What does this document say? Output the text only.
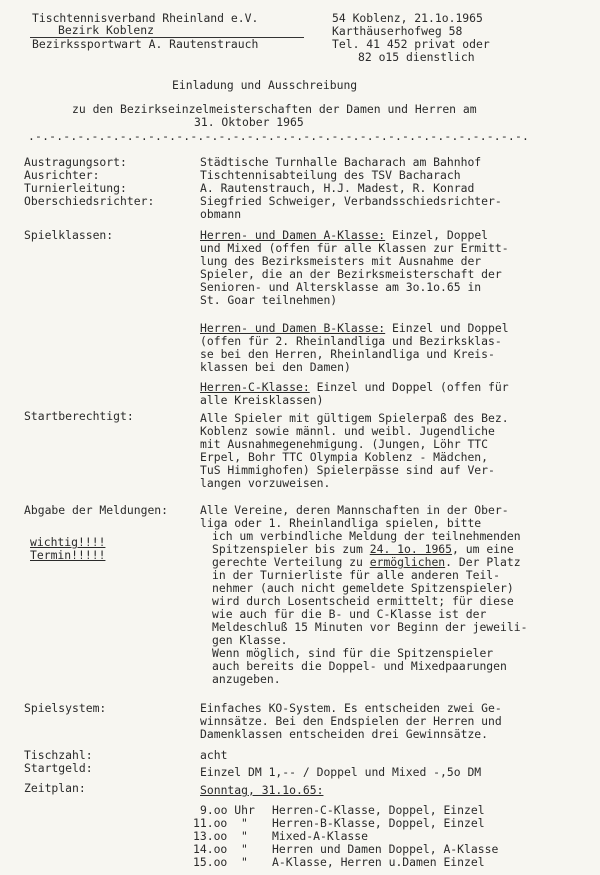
Tischtennisverband Rheinland e.V.
Bezirk Koblenz
Bezirkssportwart A. Rautenstrauch
54 Koblenz, 21.1o.1965
Karthäuserhofweg 58
Tel. 41 452 privat oder
82 o15 dienstlich
Einladung und Ausschreibung
zu den Bezirkseinzelmeisterschaften der Damen und Herren am
31. Oktober 1965
.-.-.-.-.-.-.-.-.-.-.-.-.-.-.-.-.-.-.-.-.-.-.-.-.-.-.-.-.-.-.-.-.-.-.-.
Austragungsort:	Städtische Turnhalle Bacharach am Bahnhof
Ausrichter:	Tischtennisabteilung des TSV Bacharach
Turnierleitung:	A. Rautenstrauch, H.J. Madest, R. Konrad
Oberschiedsrichter:	Siegfried Schweiger, Verbandsschiedsrichter-
obmann
Spielklassen:	Herren- und Damen A-Klasse: Einzel, Doppel
und Mixed (offen für alle Klassen zur Ermitt-
lung des Bezirksmeisters mit Ausnahme der
Spieler, die an der Bezirksmeisterschaft der
Senioren- und Altersklasse am 3o.1o.65 in
St. Goar teilnehmen)
Herren- und Damen B-Klasse: Einzel und Doppel
(offen für 2. Rheinlandliga und Bezirksklas-
se bei den Herren, Rheinlandliga und Kreis-
klassen bei den Damen)
Herren-C-Klasse: Einzel und Doppel (offen für
alle Kreisklassen)
Startberechtigt:	Alle Spieler mit gültigem Spielerpaß des Bez.
Koblenz sowie männl. und weibl. Jugendliche
mit Ausnahmegenehmigung. (Jungen, Löhr TTC
Erpel, Bohr TTC Olympia Koblenz - Mädchen,
TuS Himmighofen) Spielerpässe sind auf Ver-
langen vorzuweisen.
Abgabe der Meldungen:	Alle Vereine, deren Mannschaften in der Ober-
liga oder 1. Rheinlandliga spielen, bitte
ich um verbindliche Meldung der teilnehmenden
Spitzenspieler bis zum 24. 1o. 1965, um eine
gerechte Verteilung zu ermöglichen. Der Platz
in der Turnierliste für alle anderen Teil-
nehmer (auch nicht gemeldete Spitzenspieler)
wird durch Losentscheid ermittelt; für diese
wie auch für die B- und C-Klasse ist der
Meldeschluß 15 Minuten vor Beginn der jeweili-
gen Klasse.
Wenn möglich, sind für die Spitzenspieler
auch bereits die Doppel- und Mixedpaarungen
anzugeben.
wichtig!!!!
Termin!!!!!
Spielsystem:	Einfaches KO-System. Es entscheiden zwei Ge-
winnsätze. Bei den Endspielen der Herren und
Damenklassen entscheiden drei Gewinnsätze.
Tischzahl:	acht
Startgeld:	Einzel DM 1,-- / Doppel und Mixed -,5o DM
Zeitplan:	Sonntag, 31.1o.65:
9.oo Uhr Herren-C-Klasse, Doppel, Einzel
11.oo  " Herren-B-Klasse, Doppel, Einzel
13.oo  " Mixed-A-Klasse
14.oo  " Herren und Damen Doppel, A-Klasse
15.oo  " A-Klasse, Herren u.Damen Einzel
